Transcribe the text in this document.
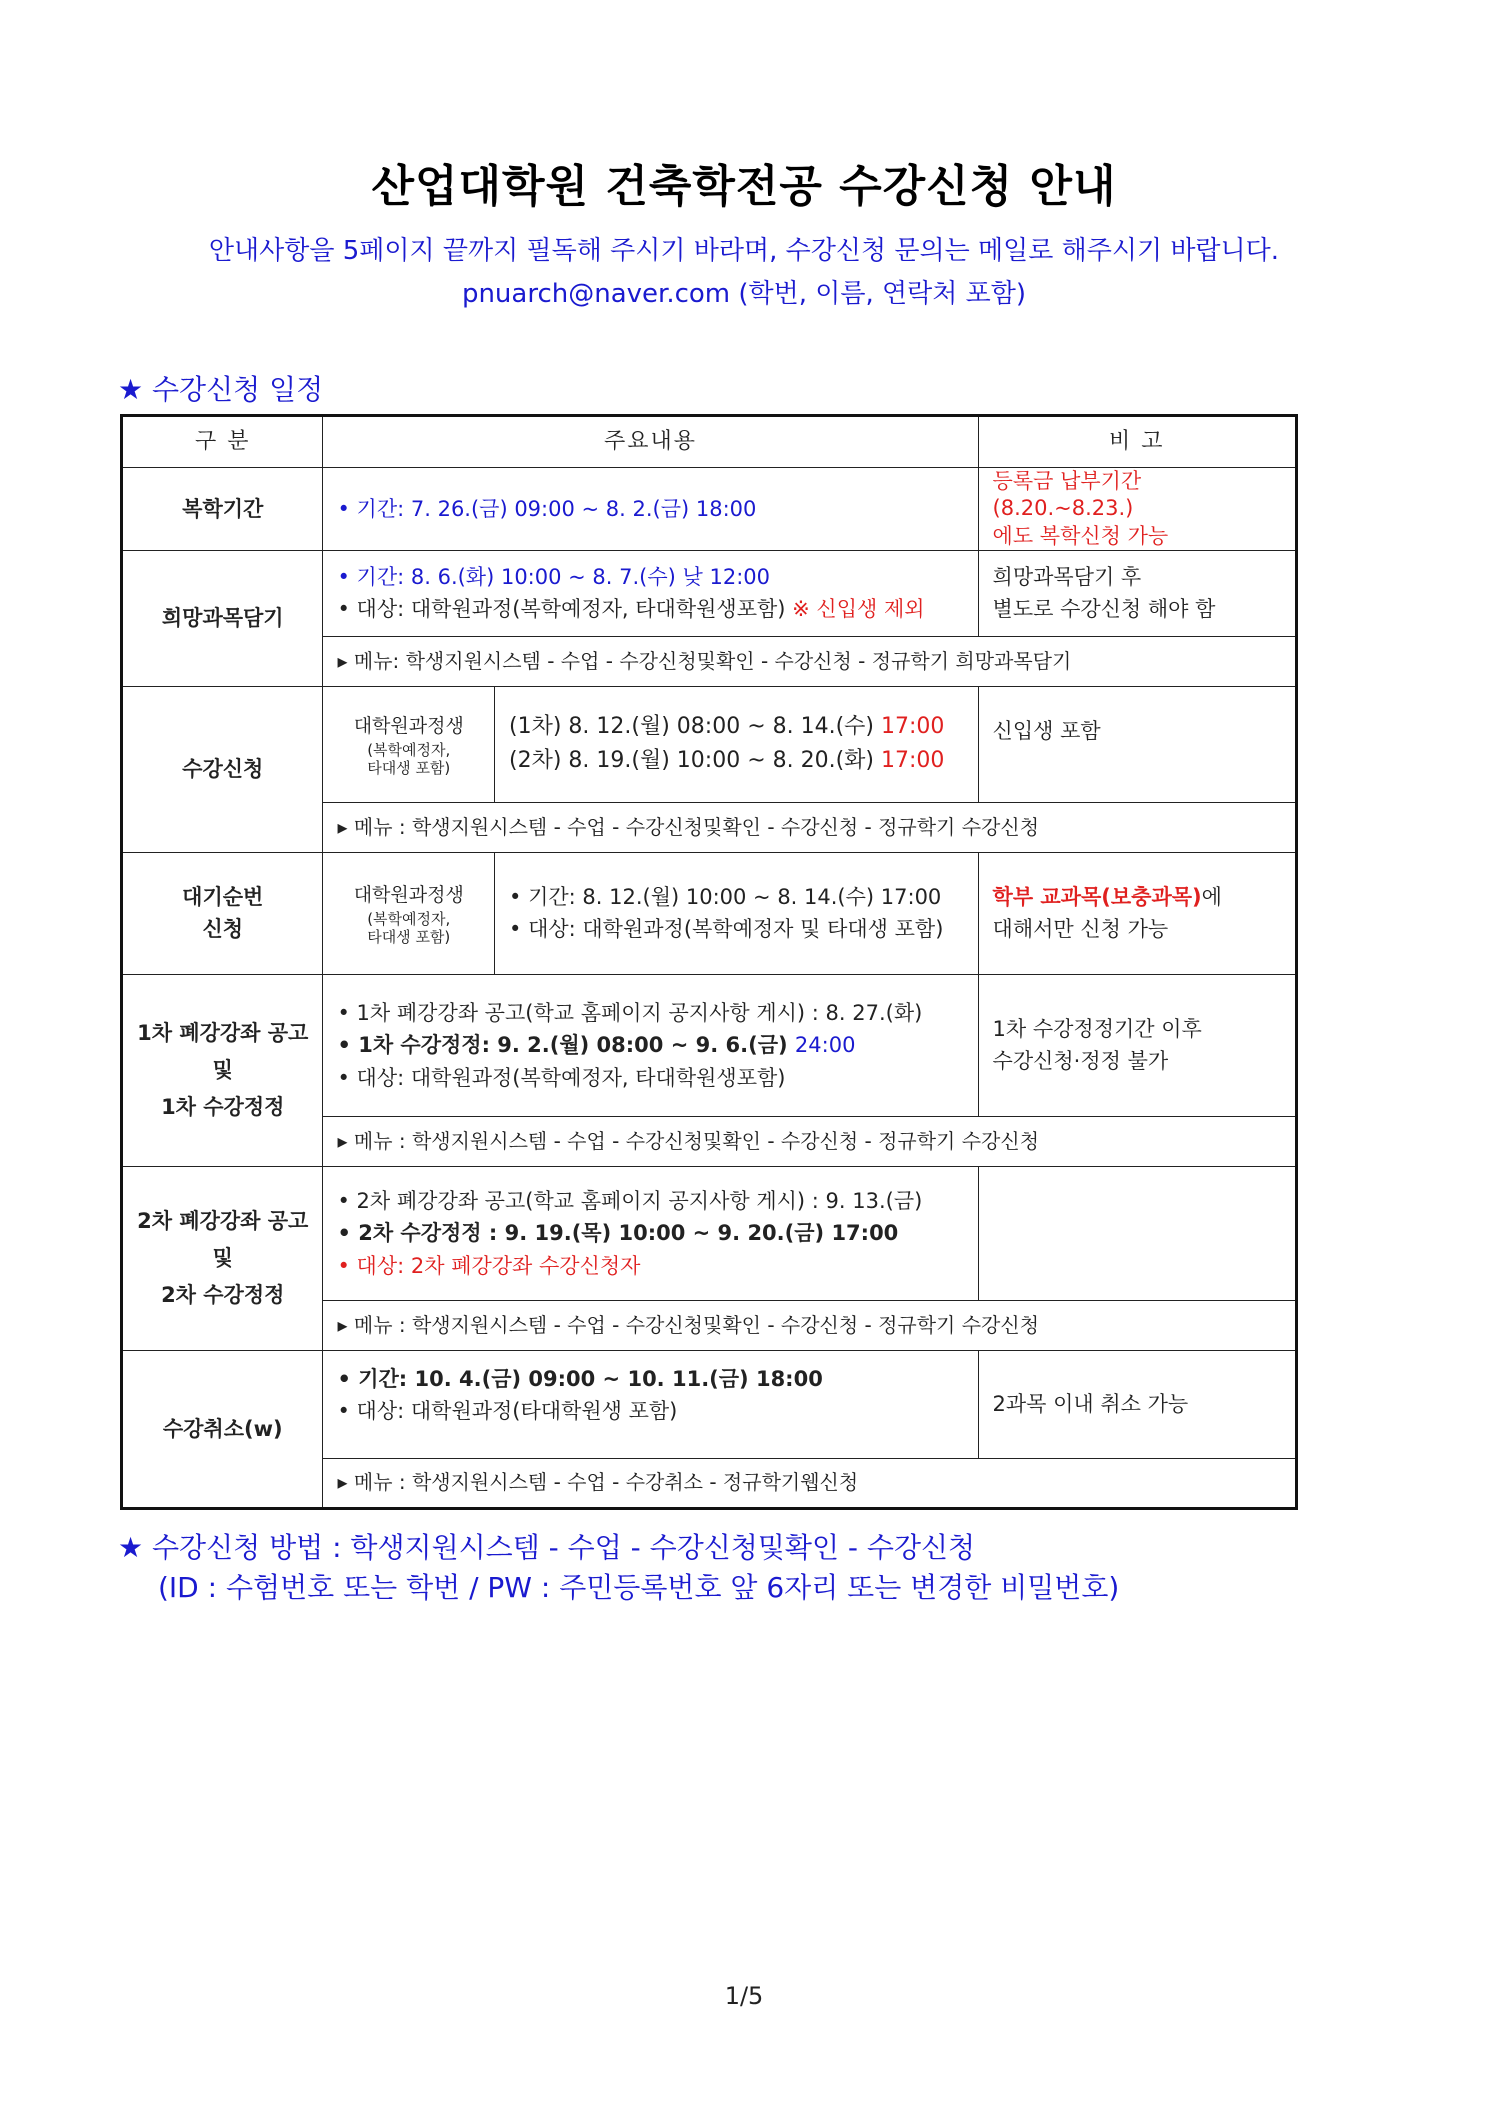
산업대학원 건축학전공 수강신청 안내
안내사항을 5페이지 끝까지 필독해 주시기 바라며, 수강신청 문의는 메일로 해주시기 바랍니다.
pnuarch@naver.com (학번, 이름, 연락처 포함)
★ 수강신청 일정
구 분	주요내용		비 고
복학기간	• 기간: 7. 26.(금) 09:00 ~ 8. 2.(금) 18:00		등록금 납부기간(8.20.~8.23.)
에도 복학신청 가능

희망과목담기	• 기간: 8. 6.(화) 10:00 ~ 8. 7.(수) 낮 12:00
• 대상: 대학원과정(복학예정자, 타대학원생포함) ※ 신입생 제외		희망과목담기 후
별도로 수강신청 해야 함

	▸ 메뉴: 학생지원시스템 - 수업 - 수강신청및확인 - 수강신청 - 정규학기 희망과목담기		
수강신청	대학원과정생
(복학예정자,
타대생 포함)	(1차) 8. 12.(월) 08:00 ~ 8. 14.(수) 17:00
(2차) 8. 19.(월) 10:00 ~ 8. 20.(화) 17:00	신입생 포함
	▸ 메뉴 : 학생지원시스템 - 수업 - 수강신청및확인 - 수강신청 - 정규학기 수강신청		

대기순번
신청	대학원과정생
(복학예정자,
타대생 포함)	• 기간: 8. 12.(월) 10:00 ~ 8. 14.(수) 17:00
• 대상: 대학원과정(복학예정자 및 타대생 포함)	학부 교과목(보충과목)에
대해서만 신청 가능

1차 폐강강좌 공고
및
1차 수강정정	• 1차 폐강강좌 공고(학교 홈페이지 공지사항 게시) : 8. 27.(화)
• 1차 수강정정: 9. 2.(월) 08:00 ~ 9. 6.(금) 24:00
• 대상: 대학원과정(복학예정자, 타대학원생포함)		1차 수강정정기간 이후
수강신청·정정 불가

	▸ 메뉴 : 학생지원시스템 - 수업 - 수강신청및확인 - 수강신청 - 정규학기 수강신청		

2차 폐강강좌 공고
및
2차 수강정정	• 2차 폐강강좌 공고(학교 홈페이지 공지사항 게시) : 9. 13.(금)
• 2차 수강정정 : 9. 19.(목) 10:00 ~ 9. 20.(금) 17:00
• 대상: 2차 폐강강좌 수강신청자		

	▸ 메뉴 : 학생지원시스템 - 수업 - 수강신청및확인 - 수강신청 - 정규학기 수강신청		
수강취소(w)	• 기간: 10. 4.(금) 09:00 ~ 10. 11.(금) 18:00
• 대상: 대학원과정(타대학원생 포함)		2과목 이내 취소 가능
	▸ 메뉴 : 학생지원시스템 - 수업 - 수강취소 - 정규학기웹신청		
★ 수강신청 방법 : 학생지원시스템 - 수업 - 수강신청및확인 - 수강신청
(ID : 수험번호 또는 학번 / PW : 주민등록번호 앞 6자리 또는 변경한 비밀번호)
1/5
